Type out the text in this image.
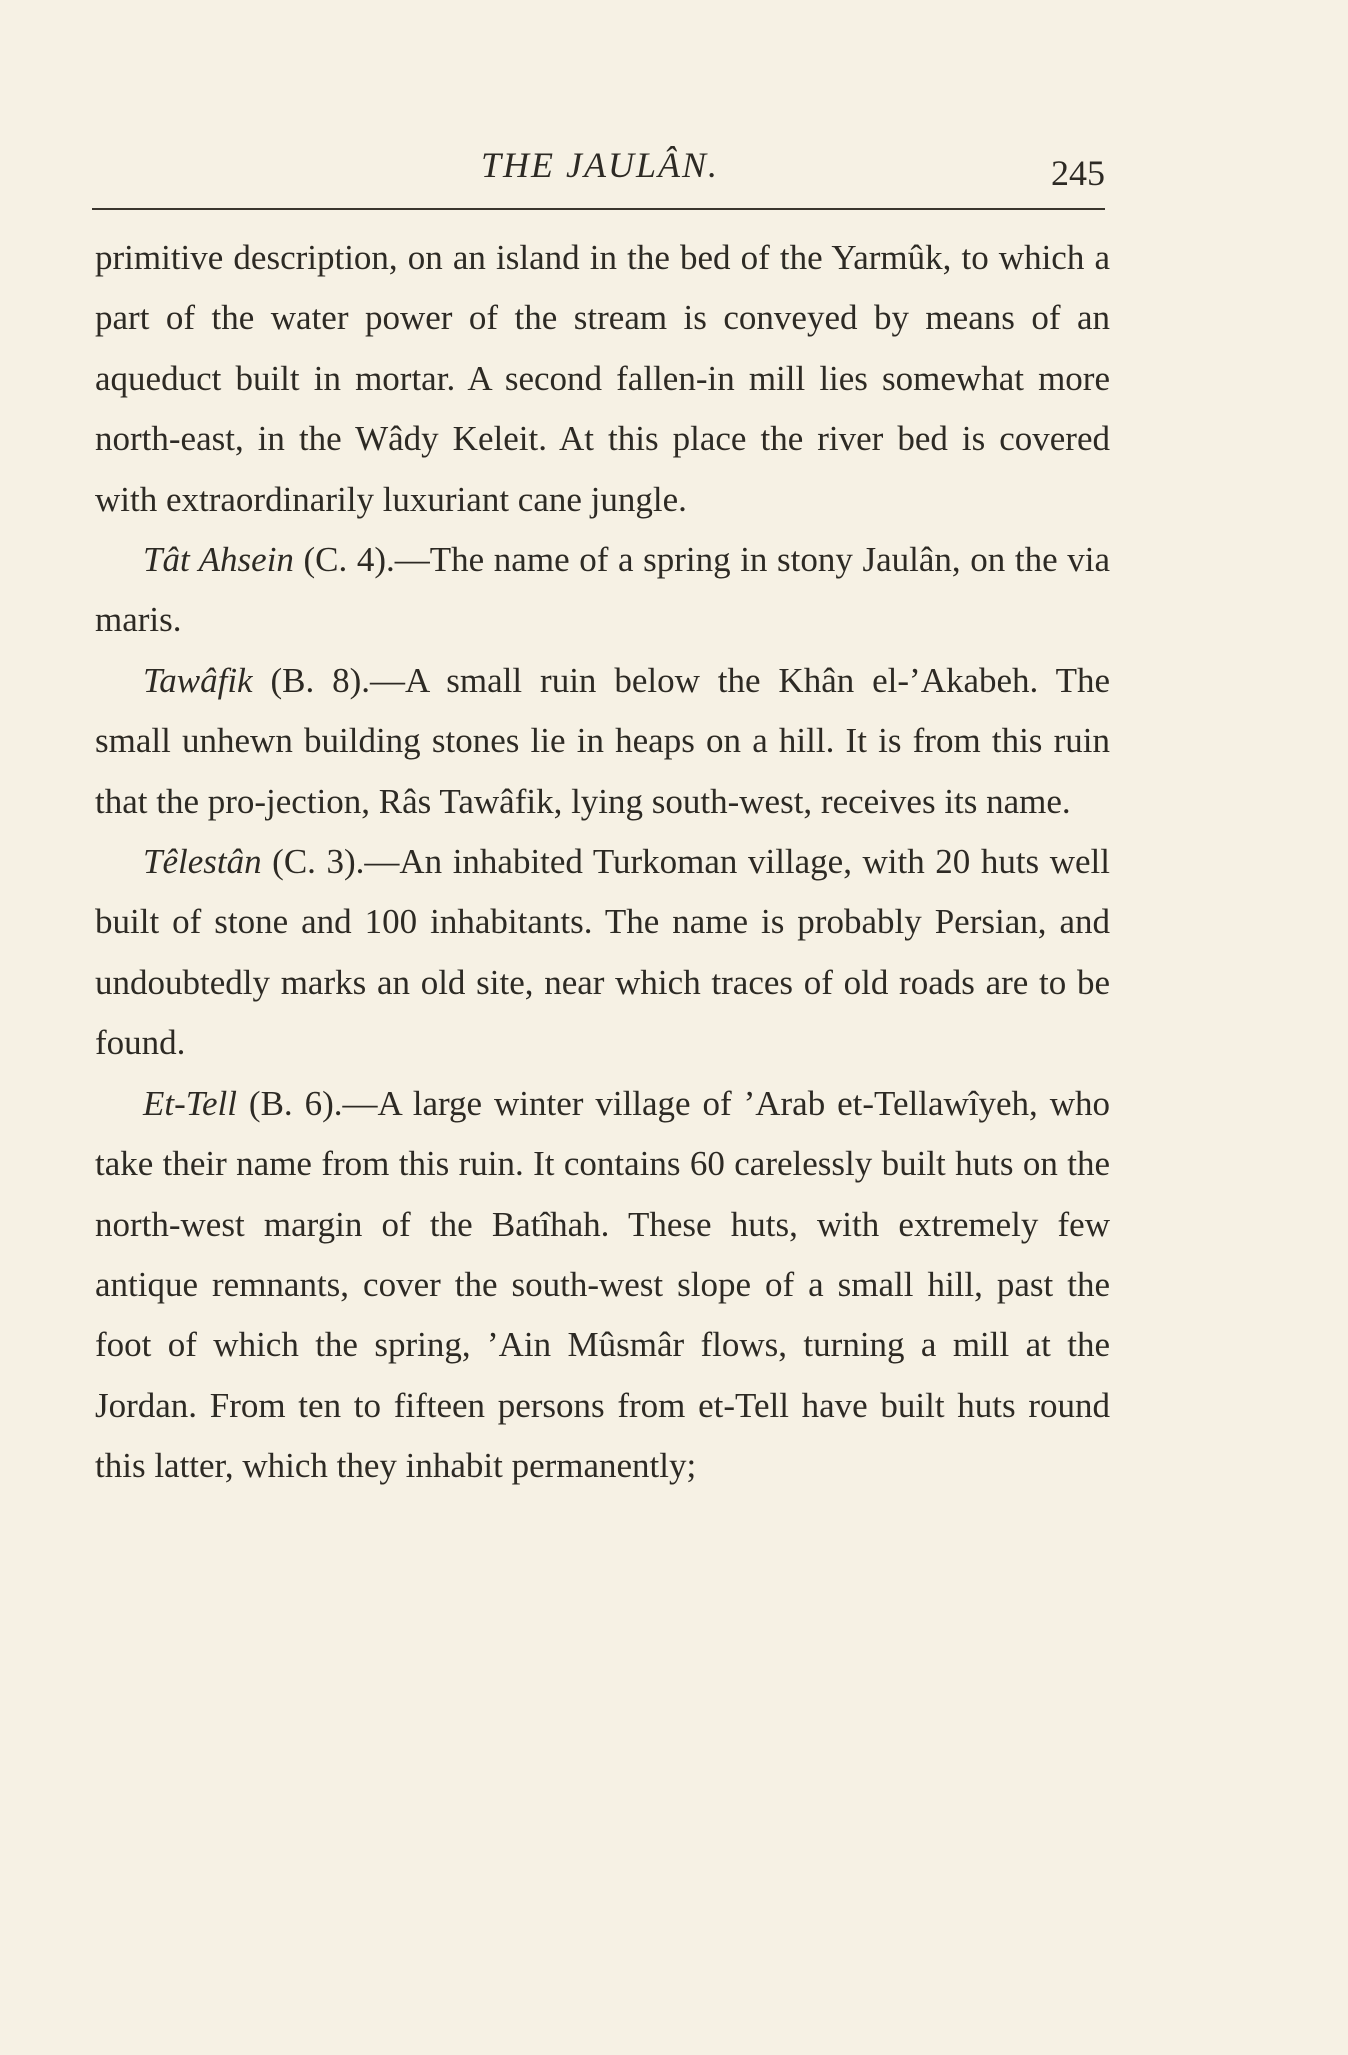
THE JAULÂN.	245

primitive description, on an island in the bed of the Yarmûk, to which a part of the water power of the stream is conveyed by means of an aqueduct built in mortar. A second fallen-in mill lies somewhat more north-east, in the Wâdy Keleit. At this place the river bed is covered with extraordinarily luxuriant cane jungle.

Tât Ahsein (C. 4).—The name of a spring in stony Jaulân, on the via maris.

Tawâfik (B. 8).—A small ruin below the Khân el-’Akabeh. The small unhewn building stones lie in heaps on a hill. It is from this ruin that the pro-jection, Râs Tawâfik, lying south-west, receives its name.

Têlestân (C. 3).—An inhabited Turkoman village, with 20 huts well built of stone and 100 inhabitants. The name is probably Persian, and undoubtedly marks an old site, near which traces of old roads are to be found.

Et-Tell (B. 6).—A large winter village of ’Arab et-Tellawîyeh, who take their name from this ruin. It contains 60 carelessly built huts on the north-west margin of the Batîhah. These huts, with extremely few antique remnants, cover the south-west slope of a small hill, past the foot of which the spring, ’Ain Mûsmâr flows, turning a mill at the Jordan. From ten to fifteen persons from et-Tell have built huts round this latter, which they inhabit permanently;
